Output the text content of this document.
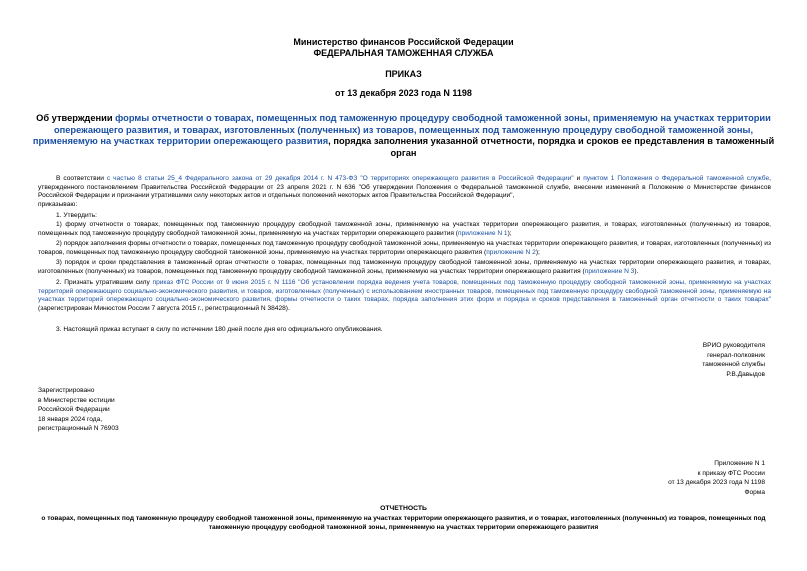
Министерство финансов Российской Федерации
ФЕДЕРАЛЬНАЯ ТАМОЖЕННАЯ СЛУЖБА
ПРИКАЗ
от 13 декабря 2023 года N 1198
Об утверждении формы отчетности о товарах, помещенных под таможенную процедуру свободной таможенной зоны, применяемую на участках территории опережающего развития, и товарах, изготовленных (полученных) из товаров, помещенных под таможенную процедуру свободной таможенной зоны, применяемую на участках территории опережающего развития, порядка заполнения указанной отчетности, порядка и сроков ее представления в таможенный орган
В соответствии с частью 8 статьи 25_4 Федерального закона от 29 декабря 2014 г. N 473-ФЗ "О территориях опережающего развития в Российской Федерации" и пунктом 1 Положения о Федеральной таможенной службе, утвержденного постановлением Правительства Российской Федерации от 23 апреля 2021 г. N 636 "Об утверждении Положения о Федеральной таможенной службе, внесении изменений в Положение о Министерстве финансов Российской Федерации и признании утратившими силу некоторых актов и отдельных положений некоторых актов Правительства Российской Федерации",
приказываю:
1. Утвердить:
1) форму отчетности о товарах, помещенных под таможенную процедуру свободной таможенной зоны, применяемую на участках территории опережающего развития, и товарах, изготовленных (полученных) из товаров, помещенных под таможенную процедуру свободной таможенной зоны, применяемую на участках территории опережающего развития (приложение N 1);
2) порядок заполнения формы отчетности о товарах, помещенных под таможенную процедуру свободной таможенной зоны, применяемую на участках территории опережающего развития, и товарах, изготовленных (полученных) из товаров, помещенных под таможенную процедуру свободной таможенной зоны, применяемую на участках территории опережающего развития (приложение N 2);
3) порядок и сроки представления в таможенный орган отчетности о товарах, помещенных под таможенную процедуру свободной таможенной зоны, применяемую на участках территории опережающего развития, и товарах, изготовленных (полученных) из товаров, помещенных под таможенную процедуру свободной таможенной зоны, применяемую на участках территории опережающего развития (приложение N 3).
2. Признать утратившим силу приказ ФТС России от 9 июня 2015 г. N 1116 "Об установлении порядка ведения учета товаров, помещенных под таможенную процедуру свободной таможенной зоны, применяемую на участках территорий опережающего социально-экономического развития, и товаров, изготовленных (полученных) с использованием иностранных товаров, помещенных под таможенную процедуру свободной таможенной зоны, применяемую на участках территорий опережающего социально-экономического развития, формы отчетности о таких товарах, порядка заполнения этих форм и порядка и сроков представления в таможенный орган отчетности о таких товарах" (зарегистрирован Минюстом России 7 августа 2015 г., регистрационный N 38428).
3. Настоящий приказ вступает в силу по истечении 180 дней после дня его официального опубликования.
ВРИО руководителя
генерал-полковник
таможенной службы
Р.В.Давыдов
Зарегистрировано
в Министерстве юстиции
Российской Федерации
18 января 2024 года,
регистрационный N 76903
Приложение N 1
к приказу ФТС России
от 13 декабря 2023 года N 1198
Форма
ОТЧЕТНОСТЬ
о товарах, помещенных под таможенную процедуру свободной таможенной зоны, применяемую на участках территории опережающего развития, и о товарах, изготовленных (полученных) из товаров, помещенных под таможенную процедуру свободной таможенной зоны, применяемую на участках территории опережающего развития
